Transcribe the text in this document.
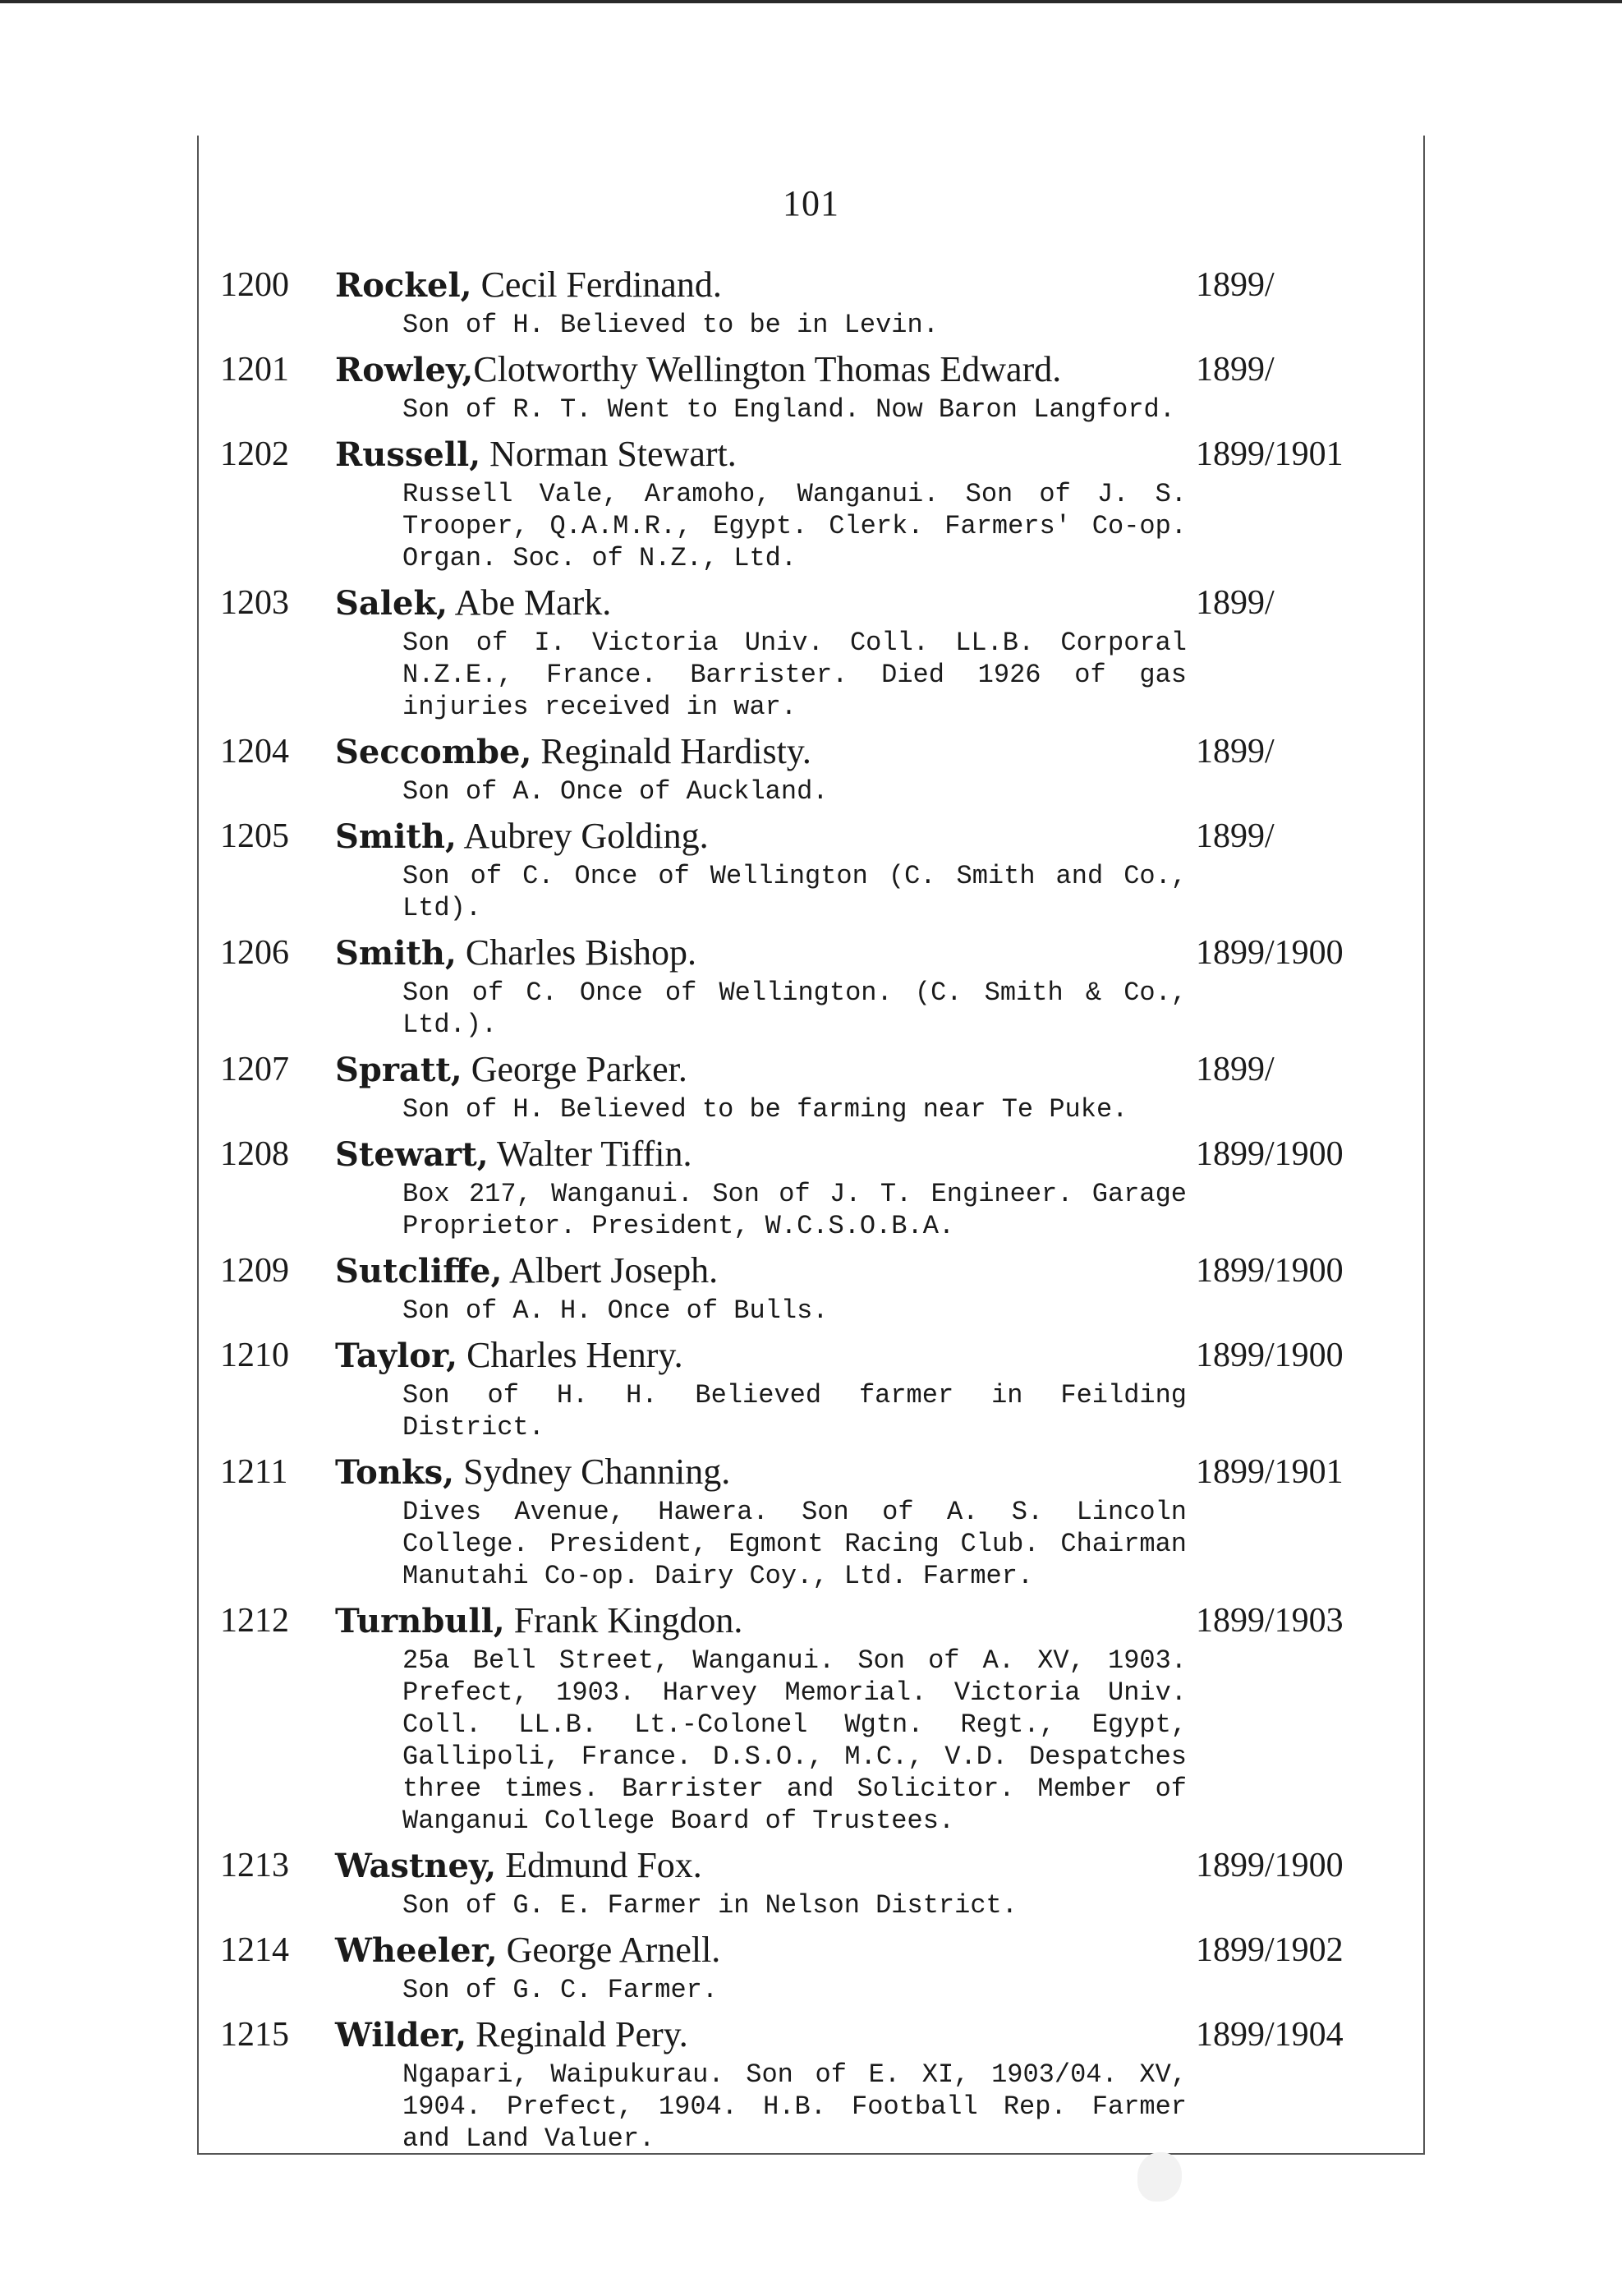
101
1200	Rockel, Cecil Ferdinand.	1899/
Son of H. Believed to be in Levin.
1201	Rowley,Clotworthy Wellington Thomas Edward.	1899/
Son of R. T. Went to England. Now Baron Langford.
1202	Russell, Norman Stewart.	1899/1901
Russell Vale, Aramoho, Wanganui. Son of J. S. Trooper, Q.A.M.R., Egypt. Clerk. Farmers' Co-op. Organ. Soc. of N.Z., Ltd.
1203	Salek, Abe Mark.	1899/
Son of I. Victoria Univ. Coll. LL.B. Corporal N.Z.E., France. Barrister. Died 1926 of gas injuries received in war.
1204	Seccombe, Reginald Hardisty.	1899/
Son of A. Once of Auckland.
1205	Smith, Aubrey Golding.	1899/
Son of C. Once of Wellington (C. Smith and Co., Ltd).
1206	Smith, Charles Bishop.	1899/1900
Son of C. Once of Wellington. (C. Smith & Co., Ltd.).
1207	Spratt, George Parker.	1899/
Son of H. Believed to be farming near Te Puke.
1208	Stewart, Walter Tiffin.	1899/1900
Box 217, Wanganui. Son of J. T. Engineer. Garage Proprietor. President, W.C.S.O.B.A.
1209	Sutcliffe, Albert Joseph.	1899/1900
Son of A. H. Once of Bulls.
1210	Taylor, Charles Henry.	1899/1900
Son of H. H. Believed farmer in Feilding District.
1211	Tonks, Sydney Channing.	1899/1901
Dives Avenue, Hawera. Son of A. S. Lincoln College. President, Egmont Racing Club. Chairman Manutahi Co-op. Dairy Coy., Ltd. Farmer.
1212	Turnbull, Frank Kingdon.	1899/1903
25a Bell Street, Wanganui. Son of A. XV, 1903. Prefect, 1903. Harvey Memorial. Victoria Univ. Coll. LL.B. Lt.-Colonel Wgtn. Regt., Egypt, Gallipoli, France. D.S.O., M.C., V.D. Despatches three times. Barrister and Solicitor. Member of Wanganui College Board of Trustees.
1213	Wastney, Edmund Fox.	1899/1900
Son of G. E. Farmer in Nelson District.
1214	Wheeler, George Arnell.	1899/1902
Son of G. C. Farmer.
1215	Wilder, Reginald Pery.	1899/1904
Ngapari, Waipukurau. Son of E. XI, 1903/04. XV, 1904. Prefect, 1904. H.B. Football Rep. Farmer and Land Valuer.
